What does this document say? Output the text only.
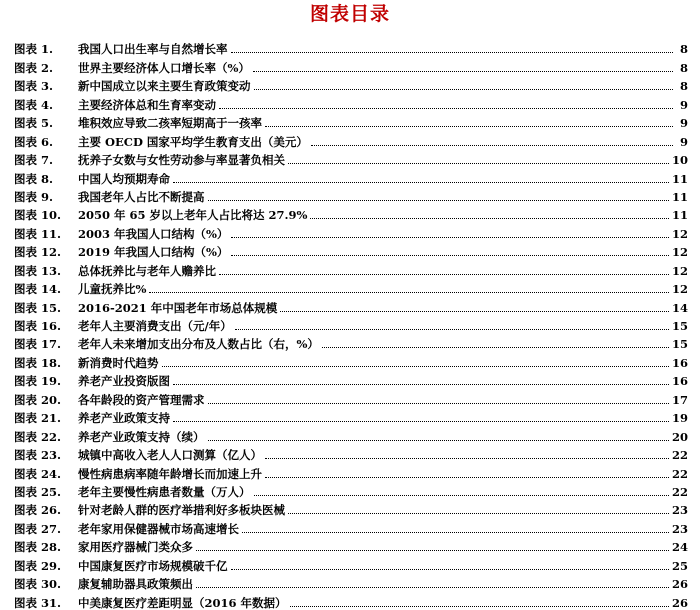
图表目录
图表 1.	我国人口出生率与自然增长率	8
图表 2.	世界主要经济体人口增长率（%）	8
图表 3.	新中国成立以来主要生育政策变动	8
图表 4.	主要经济体总和生育率变动	9
图表 5.	堆积效应导致二孩率短期高于一孩率	9
图表 6.	主要 OECD 国家平均学生教育支出（美元）	9
图表 7.	抚养子女数与女性劳动参与率显著负相关	10
图表 8.	中国人均预期寿命	11
图表 9.	我国老年人占比不断提高	11
图表 10.	2050 年 65 岁以上老年人占比将达 27.9%	11
图表 11.	2003 年我国人口结构（%）	12
图表 12.	2019 年我国人口结构（%）	12
图表 13.	总体抚养比与老年人赡养比	12
图表 14.	儿童抚养比%	12
图表 15.	2016-2021 年中国老年市场总体规模	14
图表 16.	老年人主要消费支出（元/年）	15
图表 17.	老年人未来增加支出分布及人数占比（右，%）	15
图表 18.	新消费时代趋势	16
图表 19.	养老产业投资版图	16
图表 20.	各年龄段的资产管理需求	17
图表 21.	养老产业政策支持	19
图表 22.	养老产业政策支持（续）	20
图表 23.	城镇中高收入老人人口测算（亿人）	22
图表 24.	慢性病患病率随年龄增长而加速上升	22
图表 25.	老年主要慢性病患者数量（万人）	22
图表 26.	针对老龄人群的医疗举措利好多板块医械	23
图表 27.	老年家用保健器械市场高速增长	23
图表 28.	家用医疗器械门类众多	24
图表 29.	中国康复医疗市场规模破千亿	25
图表 30.	康复辅助器具政策频出	26
图表 31.	中美康复医疗差距明显（2016 年数据）	26
